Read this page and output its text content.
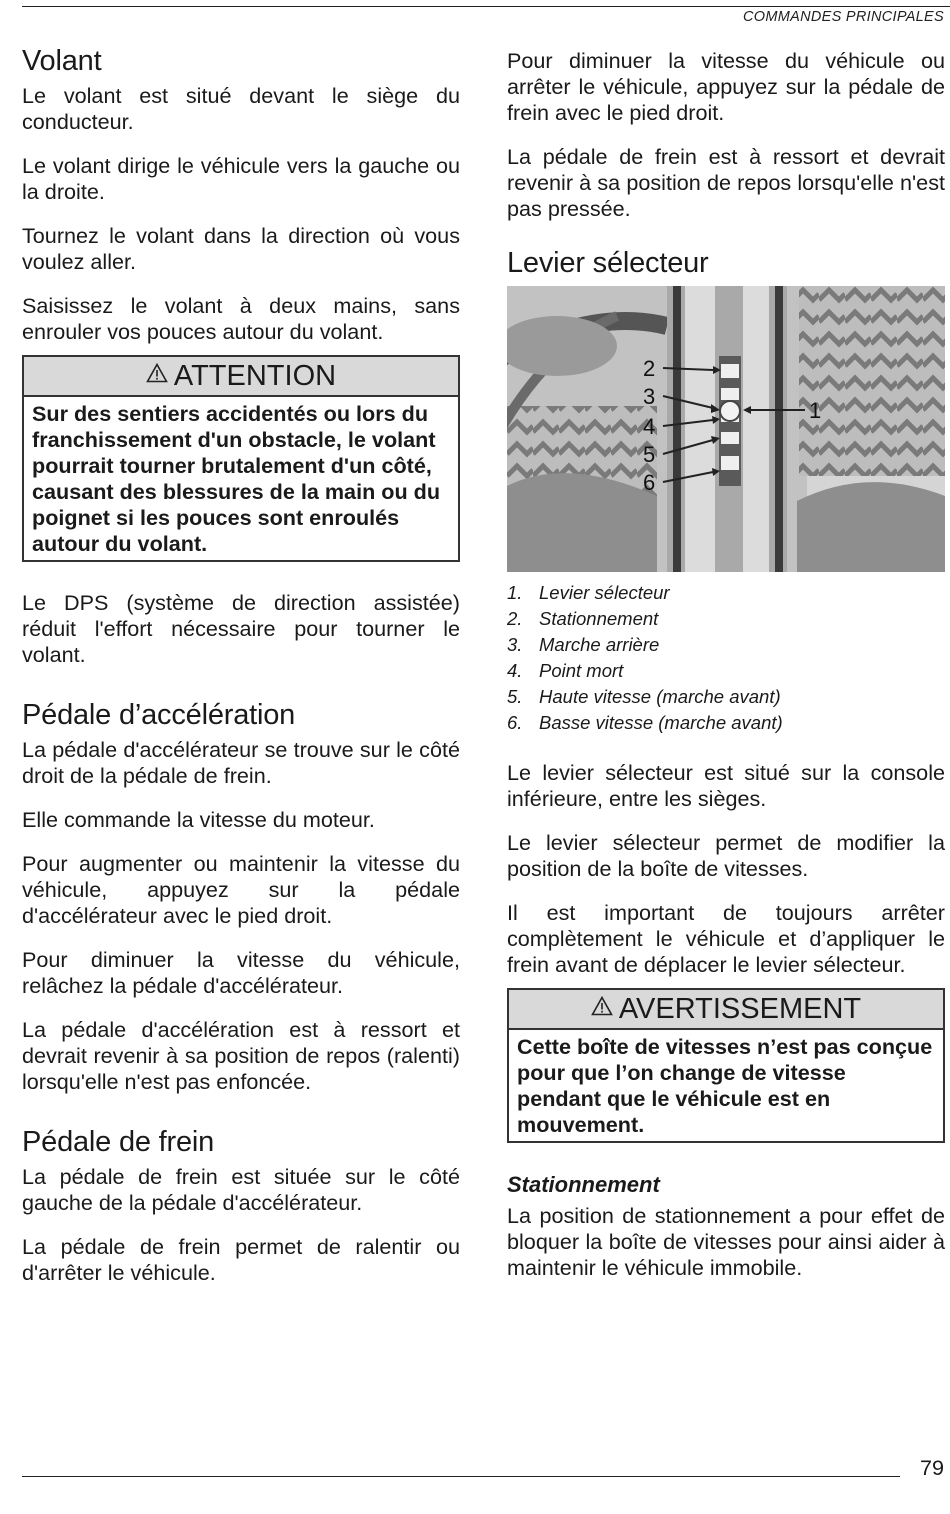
COMMANDES PRINCIPALES
Volant

Le volant est situé devant le siège du conducteur.

Le volant dirige le véhicule vers la gauche ou la droite.

Tournez le volant dans la direction où vous voulez aller.

Saisissez le volant à deux mains, sans enrouler vos pouces autour du volant.

ATTENTION
Sur des sentiers accidentés ou lors du franchissement d'un obstacle, le volant pourrait tourner brutalement d'un côté, causant des blessures de la main ou du poignet si les pouces sont enroulés autour du volant.

Le DPS (système de direction assistée) réduit l'effort nécessaire pour tourner le volant.

Pédale d’accélération

La pédale d'accélérateur se trouve sur le côté droit de la pédale de frein.

Elle commande la vitesse du moteur.

Pour augmenter ou maintenir la vitesse du véhicule, appuyez sur la pédale d'accélérateur avec le pied droit.

Pour diminuer la vitesse du véhicule, relâchez la pédale d'accélérateur.

La pédale d'accélération est à ressort et devrait revenir à sa position de repos (ralenti) lorsqu'elle n'est pas enfoncée.

Pédale de frein

La pédale de frein est située sur le côté gauche de la pédale d'accélérateur.

La pédale de frein permet de ralentir ou d'arrêter le véhicule.

Pour diminuer la vitesse du véhicule ou arrêter le véhicule, appuyez sur la pédale de frein avec le pied droit.

La pédale de frein est à ressort et devrait revenir à sa position de repos lorsqu'elle n'est pas pressée.

Levier sélecteur
2
3
4
5
6
1
1. Levier sélecteur
2. Stationnement
3. Marche arrière
4. Point mort
5. Haute vitesse (marche avant)
6. Basse vitesse (marche avant)

Le levier sélecteur est situé sur la console inférieure, entre les sièges.

Le levier sélecteur permet de modifier la position de la boîte de vitesses.

Il est important de toujours arrêter complètement le véhicule et d’appliquer le frein avant de déplacer le levier sélecteur.

AVERTISSEMENT
Cette boîte de vitesses n’est pas conçue pour que l’on change de vitesse pendant que le véhicule est en mouvement.
Stationnement

La position de stationnement a pour effet de bloquer la boîte de vitesses pour ainsi aider à maintenir le véhicule immobile.

79
